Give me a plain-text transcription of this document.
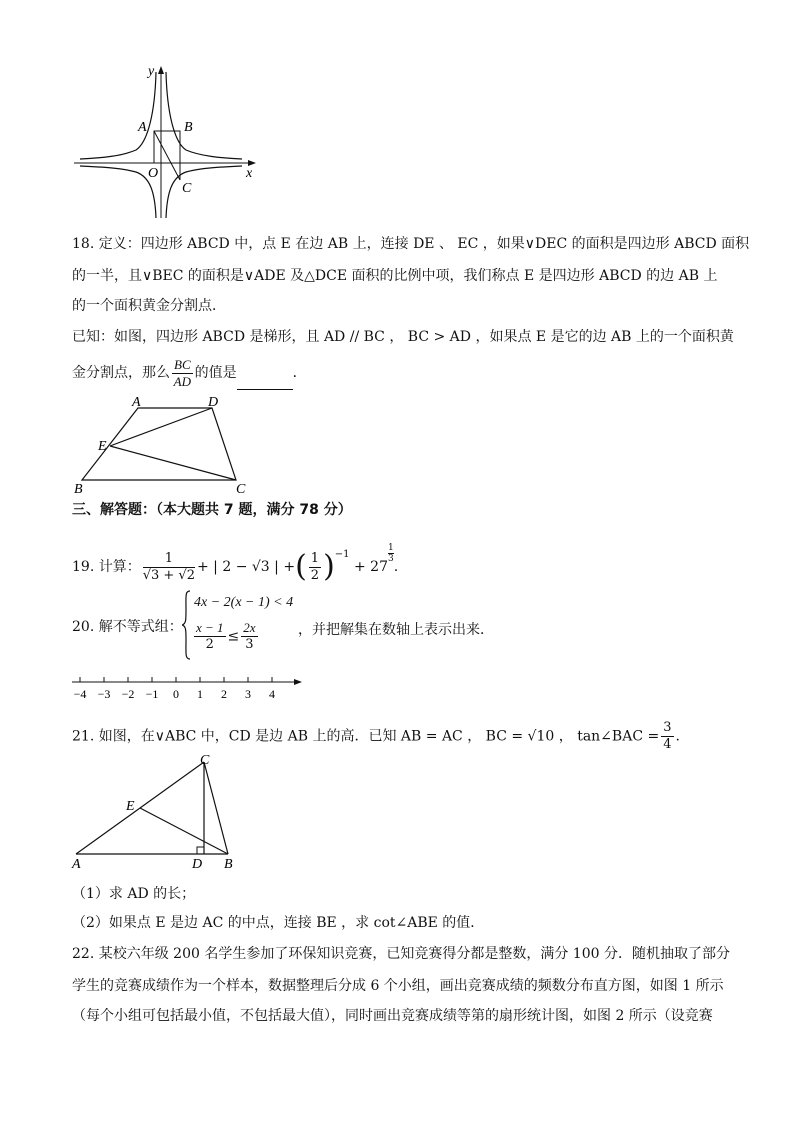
y
x
O
A	B
C
18. 定义：四边形 ABCD 中，点 E 在边 AB 上，连接 DE 、 EC ，如果∨DEC 的面积是四边形 ABCD 面积
的一半，且∨BEC 的面积是∨ADE 及△DCE 面积的比例中项，我们称点 E 是四边形 ABCD 的边 AB 上
的一个面积黄金分割点．
已知：如图，四边形 ABCD 是梯形，且 AD // BC ， BC > AD ，如果点 E 是它的边 AB 上的一个面积黄
金分割点，那么 $\frac{BC}{AD}$ 的值是	．
A	D
E
B	C
三、解答题：（本大题共 7 题，满分 78 分）
19. 计算： $\frac{1}{√3 + √2}$ + | 2 − √3 | +( $\frac{1}{2} )^{-1} + 27$
$^{\frac{1}{3}}$
.
20. 解不等式组：
4x − 2(x − 1) < 4
$\frac{x - 1}{2} \le \frac{2x}{3}$	，并把解集在数轴上表示出来．
−4 −3 −2 −1 0 1 2 3 4
21. 如图，在∨ABC 中，CD 是边 AB 上的高．已知 AB = AC ， BC = √10 ， tan∠BAC = $\frac{3}{4}$ .
C
E
A	D B
（1）求 AD 的长；
（2）如果点 E 是边 AC 的中点，连接 BE ，求 cot∠ABE 的值．
22. 某校六年级 200 名学生参加了环保知识竞赛，已知竞赛得分都是整数，满分 100 分．随机抽取了部分
学生的竞赛成绩作为一个样本，数据整理后分成 6 个小组，画出竞赛成绩的频数分布直方图，如图 1 所示
（每个小组可包括最小值，不包括最大值），同时画出竞赛成绩等第的扇形统计图，如图 2 所示（设竞赛
